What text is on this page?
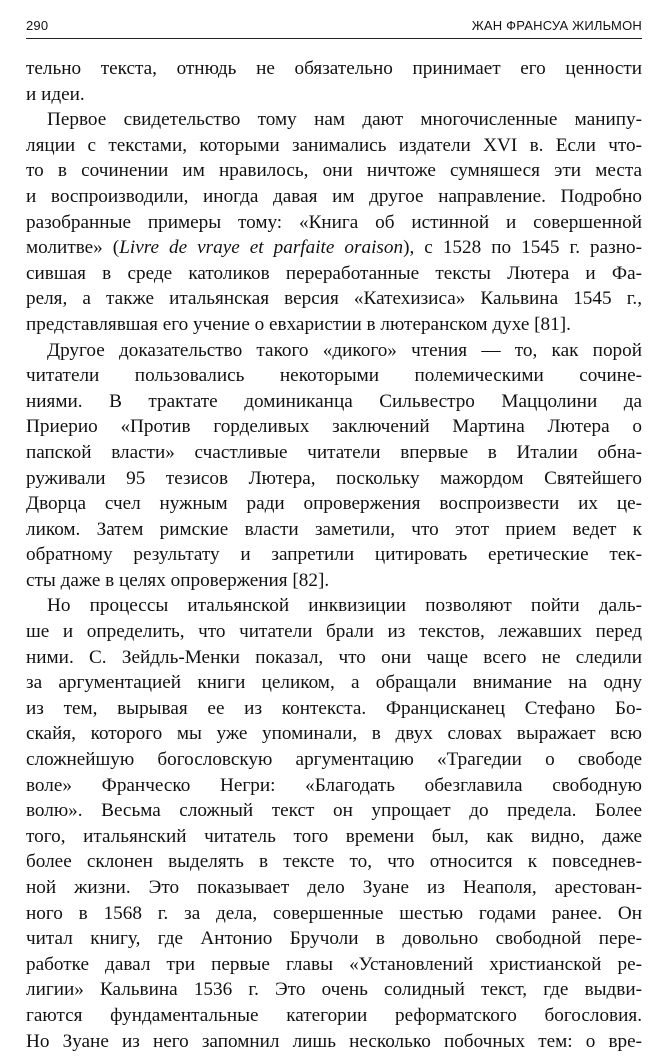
290	ЖАН ФРАНСУА ЖИЛЬМОН

тельно текста, отнюдь не обязательно принимает его ценности

и идеи.

Первое свидетельство тому нам дают многочисленные манипу-

ляции с текстами, которыми занимались издатели XVI в. Если что-

то в сочинении им нравилось, они ничтоже сумняшеся эти места

и воспроизводили, иногда давая им другое направление. Подробно

разобранные примеры тому: «Книга об истинной и совершенной

молитве» (Livre de vraye et parfaite oraison), с 1528 по 1545 г. разно-

сившая в среде католиков переработанные тексты Лютера и Фа-

реля, а также итальянская версия «Катехизиса» Кальвина 1545 г.,

представлявшая его учение о евхаристии в лютеранском духе [81].

Другое доказательство такого «дикого» чтения — то, как порой

читатели пользовались некоторыми полемическими сочине-

ниями. В трактате доминиканца Сильвестро Маццолини да

Приерио «Против горделивых заключений Мартина Лютера о

папской власти» счастливые читатели впервые в Италии обна-

руживали 95 тезисов Лютера, поскольку мажордом Святейшего

Дворца счел нужным ради опровержения воспроизвести их це-

ликом. Затем римские власти заметили, что этот прием ведет к

обратному результату и запретили цитировать еретические тек-

сты даже в целях опровержения [82].

Но процессы итальянской инквизиции позволяют пойти даль-

ше и определить, что читатели брали из текстов, лежавших перед

ними. С. Зейдль-Менки показал, что они чаще всего не следили

за аргументацией книги целиком, а обращали внимание на одну

из тем, вырывая ее из контекста. Францисканец Стефано Бо-

скайя, которого мы уже упоминали, в двух словах выражает всю

сложнейшую богословскую аргументацию «Трагедии о свободе

воле» Франческо Негри: «Благодать обезглавила свободную

волю». Весьма сложный текст он упрощает до предела. Более

того, итальянский читатель того времени был, как видно, даже

более склонен выделять в тексте то, что относится к повседнев-

ной жизни. Это показывает дело Зуане из Неаполя, арестован-

ного в 1568 г. за дела, совершенные шестью годами ранее. Он

читал книгу, где Антонио Бручоли в довольно свободной пере-

работке давал три первые главы «Установлений христианской ре-

лигии» Кальвина 1536 г. Это очень солидный текст, где выдви-

гаются фундаментальные категории реформатского богословия.

Но Зуане из него запомнил лишь несколько побочных тем: о вре-
